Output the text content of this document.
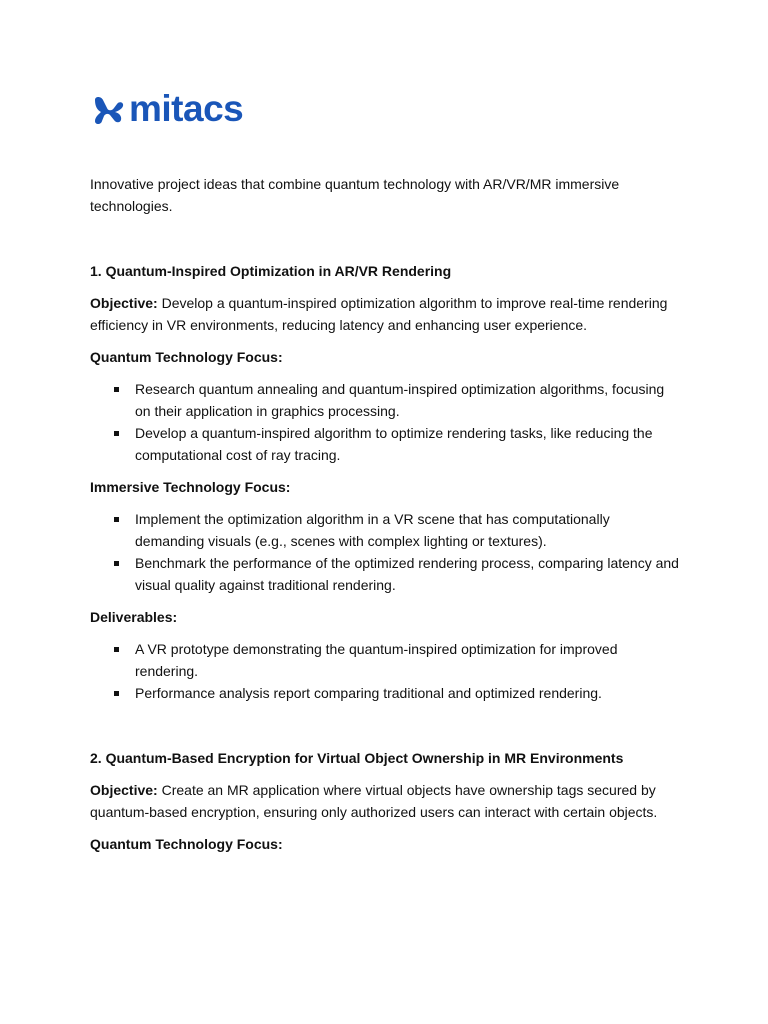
mitacs

Innovative project ideas that combine quantum technology with AR/VR/MR immersive technologies.

1. Quantum-Inspired Optimization in AR/VR Rendering

Objective: Develop a quantum-inspired optimization algorithm to improve real-time rendering efficiency in VR environments, reducing latency and enhancing user experience.

Quantum Technology Focus:

Research quantum annealing and quantum-inspired optimization algorithms, focusing on their application in graphics processing.
Develop a quantum-inspired algorithm to optimize rendering tasks, like reducing the computational cost of ray tracing.

Immersive Technology Focus:

Implement the optimization algorithm in a VR scene that has computationally demanding visuals (e.g., scenes with complex lighting or textures).
Benchmark the performance of the optimized rendering process, comparing latency and visual quality against traditional rendering.

Deliverables:

A VR prototype demonstrating the quantum-inspired optimization for improved rendering.
Performance analysis report comparing traditional and optimized rendering.

2. Quantum-Based Encryption for Virtual Object Ownership in MR Environments

Objective: Create an MR application where virtual objects have ownership tags secured by quantum-based encryption, ensuring only authorized users can interact with certain objects.

Quantum Technology Focus:
